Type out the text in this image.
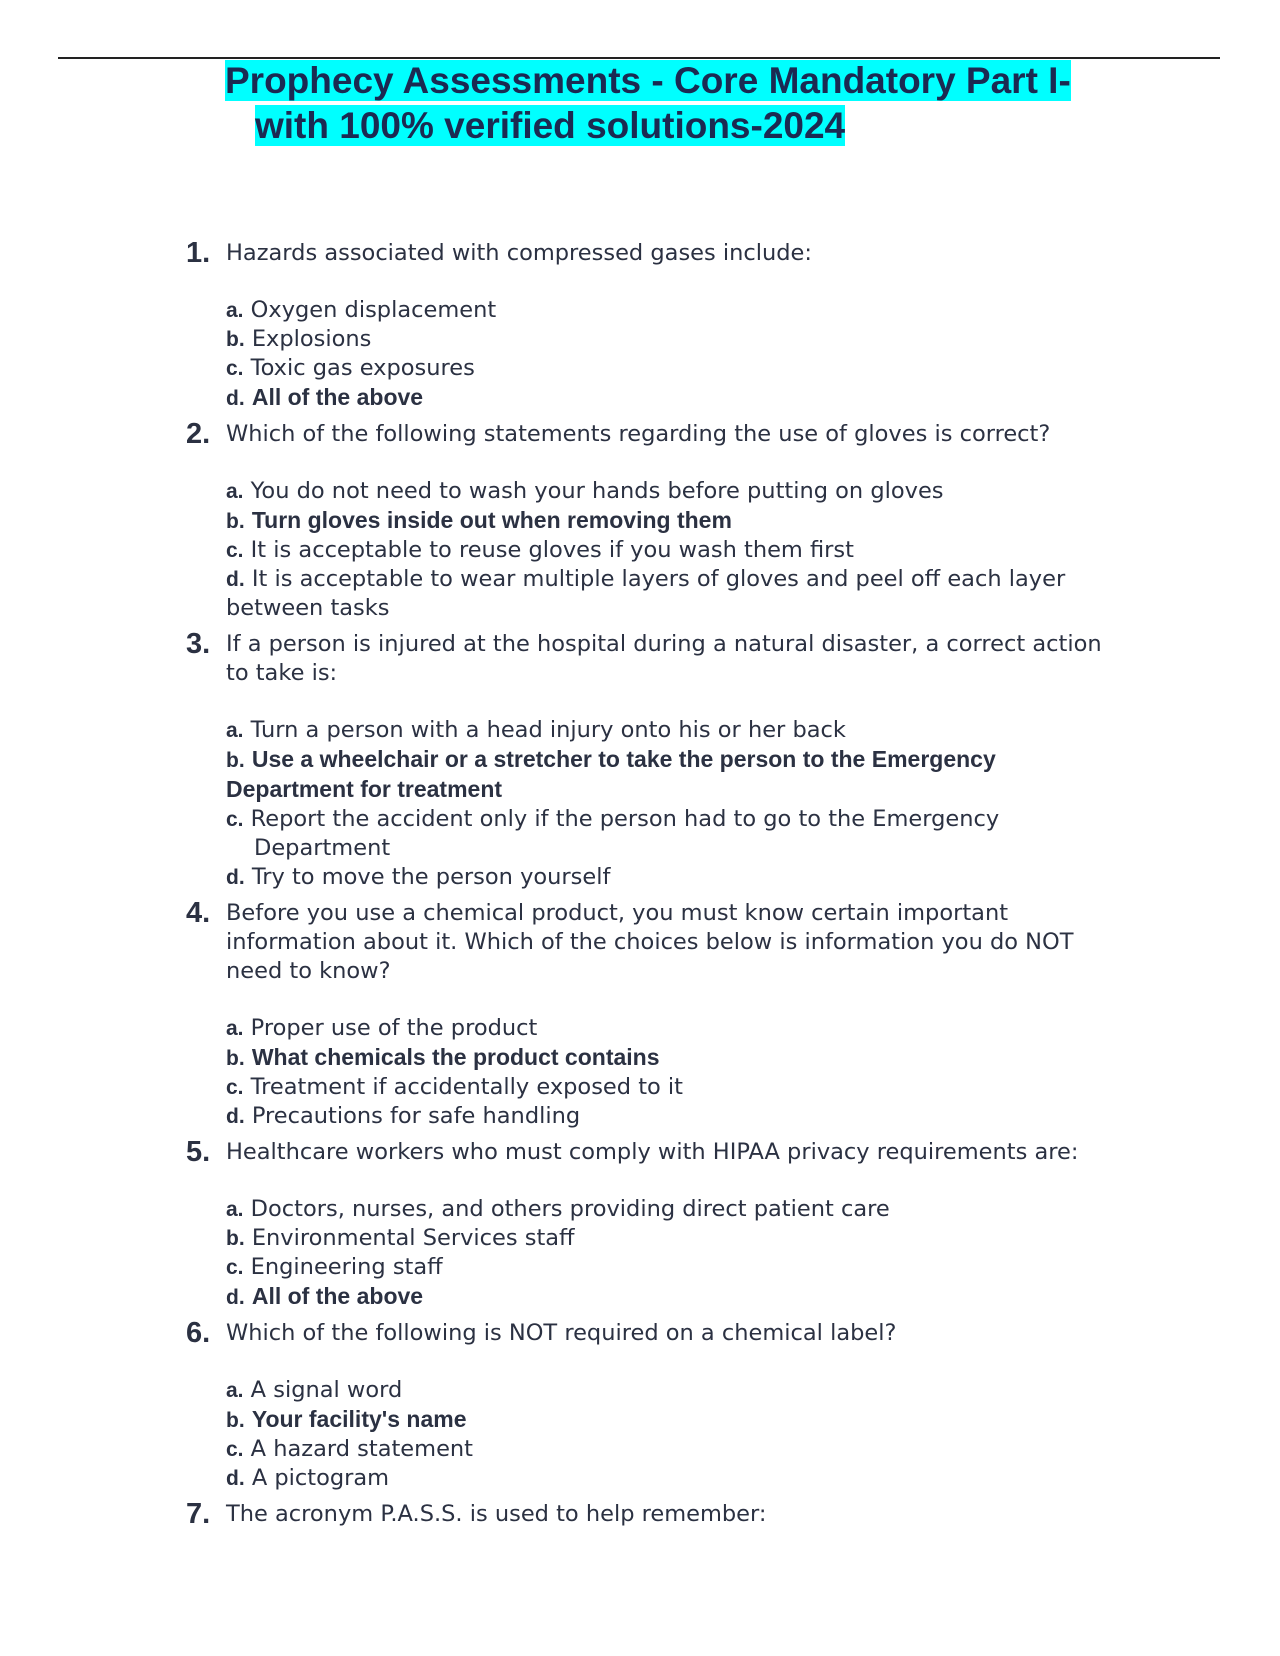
Prophecy Assessments - Core Mandatory Part I-
with 100% verified solutions-2024
1. Hazards associated with compressed gases include:
a. Oxygen displacement
b. Explosions
c. Toxic gas exposures
d. All of the above
2. Which of the following statements regarding the use of gloves is correct?
a. You do not need to wash your hands before putting on gloves
b. Turn gloves inside out when removing them
c. It is acceptable to reuse gloves if you wash them first
d. It is acceptable to wear multiple layers of gloves and peel off each layer between tasks
3. If a person is injured at the hospital during a natural disaster, a correct action to take is:
a. Turn a person with a head injury onto his or her back
b. Use a wheelchair or a stretcher to take the person to the Emergency Department for treatment
c. Report the accident only if the person had to go to the Emergency Department
d. Try to move the person yourself
4. Before you use a chemical product, you must know certain important information about it. Which of the choices below is information you do NOT need to know?
a. Proper use of the product
b. What chemicals the product contains
c. Treatment if accidentally exposed to it
d. Precautions for safe handling
5. Healthcare workers who must comply with HIPAA privacy requirements are:
a. Doctors, nurses, and others providing direct patient care
b. Environmental Services staff
c. Engineering staff
d. All of the above
6. Which of the following is NOT required on a chemical label?
a. A signal word
b. Your facility's name
c. A hazard statement
d. A pictogram
7. The acronym P.A.S.S. is used to help remember:
